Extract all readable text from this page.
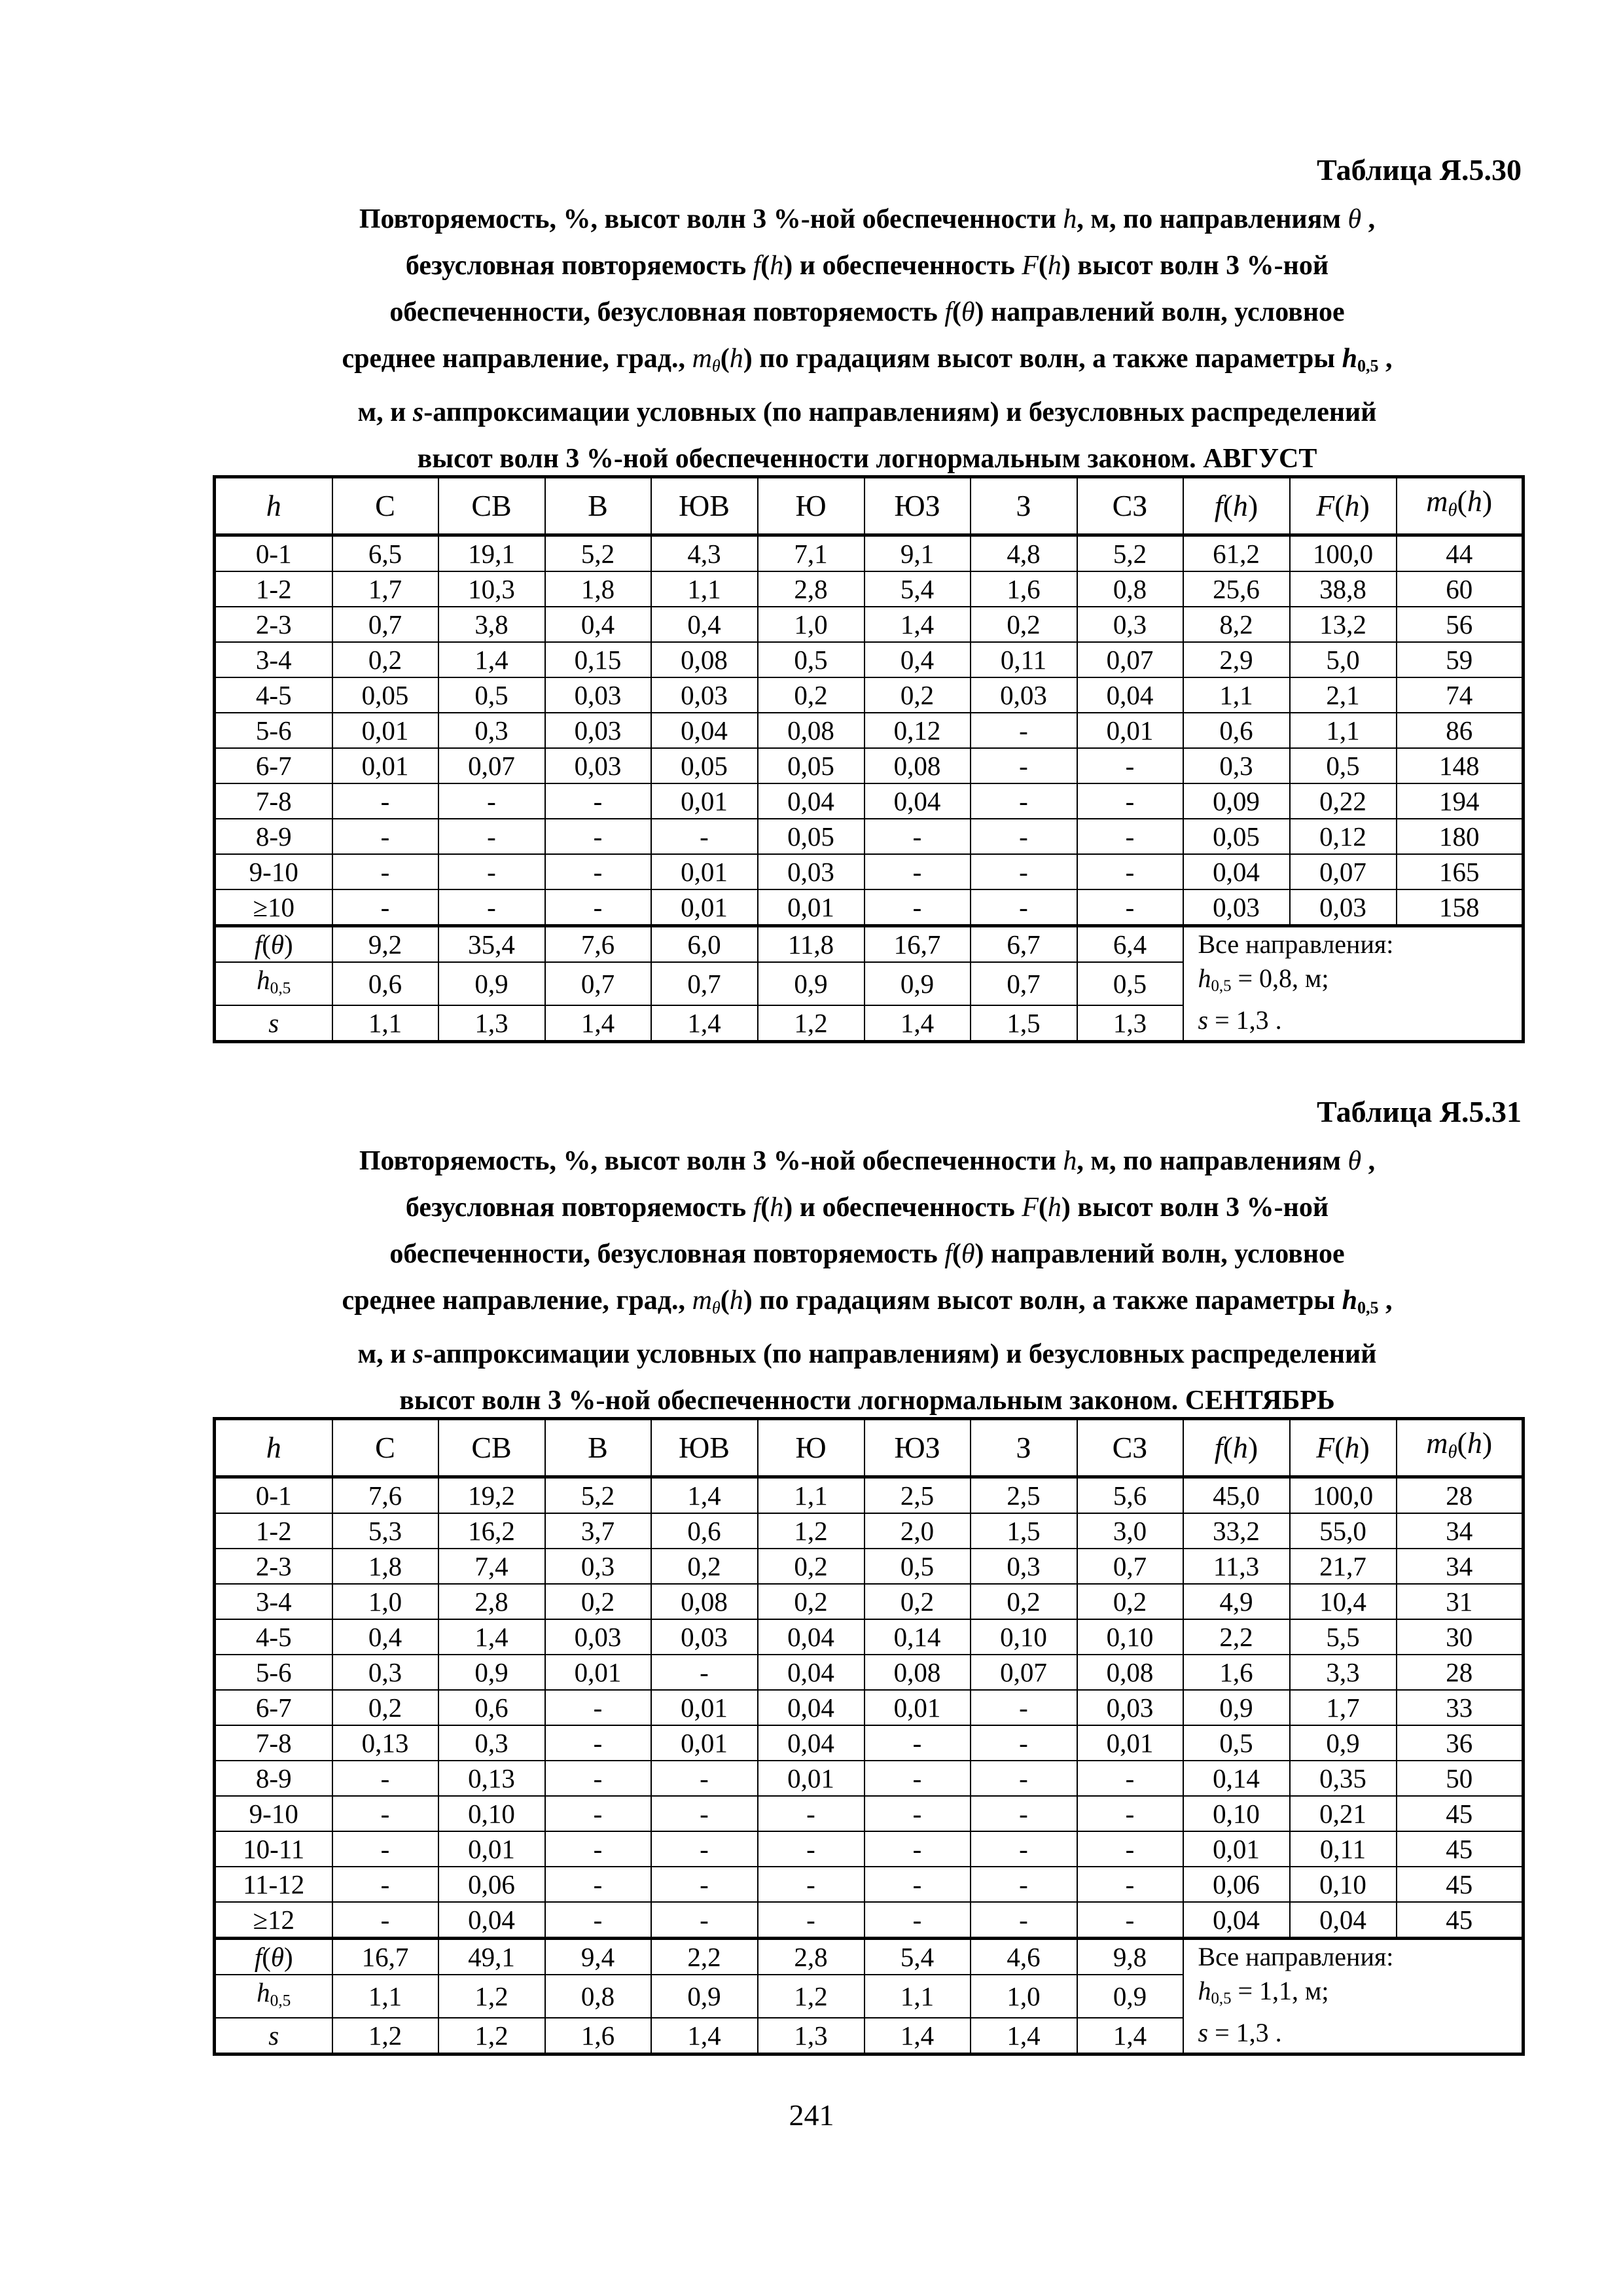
Таблица Я.5.30
Повторяемость, %, высот волн 3 %-ной обеспеченности h, м, по направлениям θ ,
безусловная повторяемость f(h) и обеспеченность F(h) высот волн 3 %-ной
обеспеченности, безусловная повторяемость f(θ) направлений волн, условное
среднее направление, град., $m_\theta(h)$ по градациям высот волн, а также параметры $h_{0,5}$ ,
м, и s-аппроксимации условных (по направлениям) и безусловных распределений
высот волн 3 %-ной обеспеченности логнормальным законом. АВГУСТ
h	С	СВ	В	ЮВ	Ю	ЮЗ	З	СЗ	f(h)	F(h)	$m_\theta(h)$
0-1	6,5	19,1	5,2	4,3	7,1	9,1	4,8	5,2	61,2	100,0	44
1-2	1,7	10,3	1,8	1,1	2,8	5,4	1,6	0,8	25,6	38,8	60
2-3	0,7	3,8	0,4	0,4	1,0	1,4	0,2	0,3	8,2	13,2	56
3-4	0,2	1,4	0,15	0,08	0,5	0,4	0,11	0,07	2,9	5,0	59
4-5	0,05	0,5	0,03	0,03	0,2	0,2	0,03	0,04	1,1	2,1	74
5-6	0,01	0,3	0,03	0,04	0,08	0,12	-	0,01	0,6	1,1	86
6-7	0,01	0,07	0,03	0,05	0,05	0,08	-	-	0,3	0,5	148
7-8	-	-	-	0,01	0,04	0,04	-	-	0,09	0,22	194
8-9	-	-	-	-	0,05	-	-	-	0,05	0,12	180
9-10	-	-	-	0,01	0,03	-	-	-	0,04	0,07	165
≥10	-	-	-	0,01	0,01	-	-	-	0,03	0,03	158
f(θ)	9,2	35,4	7,6	6,0	11,8	16,7	6,7	6,4	Все направления:
$h_{0,5} = 0,8$, м;
s = 1,3 .		

$h_{0,5}$	0,6	0,9	0,7	0,7	0,9	0,9	0,7	0,5			
s	1,1	1,3	1,4	1,4	1,2	1,4	1,5	1,3			
Таблица Я.5.31
Повторяемость, %, высот волн 3 %-ной обеспеченности h, м, по направлениям θ ,
безусловная повторяемость f(h) и обеспеченность F(h) высот волн 3 %-ной
обеспеченности, безусловная повторяемость f(θ) направлений волн, условное
среднее направление, град., $m_\theta(h)$ по градациям высот волн, а также параметры $h_{0,5}$ ,
м, и s-аппроксимации условных (по направлениям) и безусловных распределений
высот волн 3 %-ной обеспеченности логнормальным законом. СЕНТЯБРЬ
h	С	СВ	В	ЮВ	Ю	ЮЗ	З	СЗ	f(h)	F(h)	$m_\theta(h)$
0-1	7,6	19,2	5,2	1,4	1,1	2,5	2,5	5,6	45,0	100,0	28
1-2	5,3	16,2	3,7	0,6	1,2	2,0	1,5	3,0	33,2	55,0	34
2-3	1,8	7,4	0,3	0,2	0,2	0,5	0,3	0,7	11,3	21,7	34
3-4	1,0	2,8	0,2	0,08	0,2	0,2	0,2	0,2	4,9	10,4	31
4-5	0,4	1,4	0,03	0,03	0,04	0,14	0,10	0,10	2,2	5,5	30
5-6	0,3	0,9	0,01	-	0,04	0,08	0,07	0,08	1,6	3,3	28
6-7	0,2	0,6	-	0,01	0,04	0,01	-	0,03	0,9	1,7	33
7-8	0,13	0,3	-	0,01	0,04	-	-	0,01	0,5	0,9	36
8-9	-	0,13	-	-	0,01	-	-	-	0,14	0,35	50
9-10	-	0,10	-	-	-	-	-	-	0,10	0,21	45
10-11	-	0,01	-	-	-	-	-	-	0,01	0,11	45
11-12	-	0,06	-	-	-	-	-	-	0,06	0,10	45
≥12	-	0,04	-	-	-	-	-	-	0,04	0,04	45
f(θ)	16,7	49,1	9,4	2,2	2,8	5,4	4,6	9,8	Все направления:
$h_{0,5} = 1,1$, м;
s = 1,3 .		

$h_{0,5}$	1,1	1,2	0,8	0,9	1,2	1,1	1,0	0,9			
s	1,2	1,2	1,6	1,4	1,3	1,4	1,4	1,4			
241
